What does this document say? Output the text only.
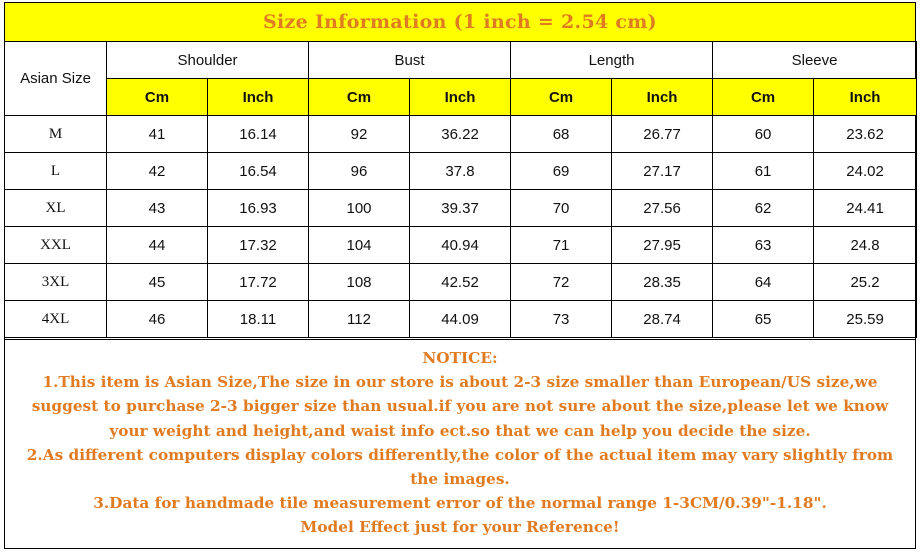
Size Information (1 inch = 2.54 cm)
Asian Size	Shoulder		Bust		Length		Sleeve	
	Cm	Inch	Cm	Inch	Cm	Inch	Cm	Inch
M	41	16.14	92	36.22	68	26.77	60	23.62
L	42	16.54	96	37.8	69	27.17	61	24.02
XL	43	16.93	100	39.37	70	27.56	62	24.41
XXL	44	17.32	104	40.94	71	27.95	63	24.8
3XL	45	17.72	108	42.52	72	28.35	64	25.2
4XL	46	18.11	112	44.09	73	28.74	65	25.59

NOTICE:

1.This item is Asian Size,The size in our store is about 2-3 size smaller than European/US size,we suggest to purchase 2-3 bigger size than usual.if you are not sure about the size,please let we know your weight and height,and waist info ect.so that we can help you decide the size.

2.As different computers display colors differently,the color of the actual item may vary slightly from the images.

3.Data for handmade tile measurement error of the normal range 1-3CM/0.39"-1.18".

Model Effect just for your Reference!
